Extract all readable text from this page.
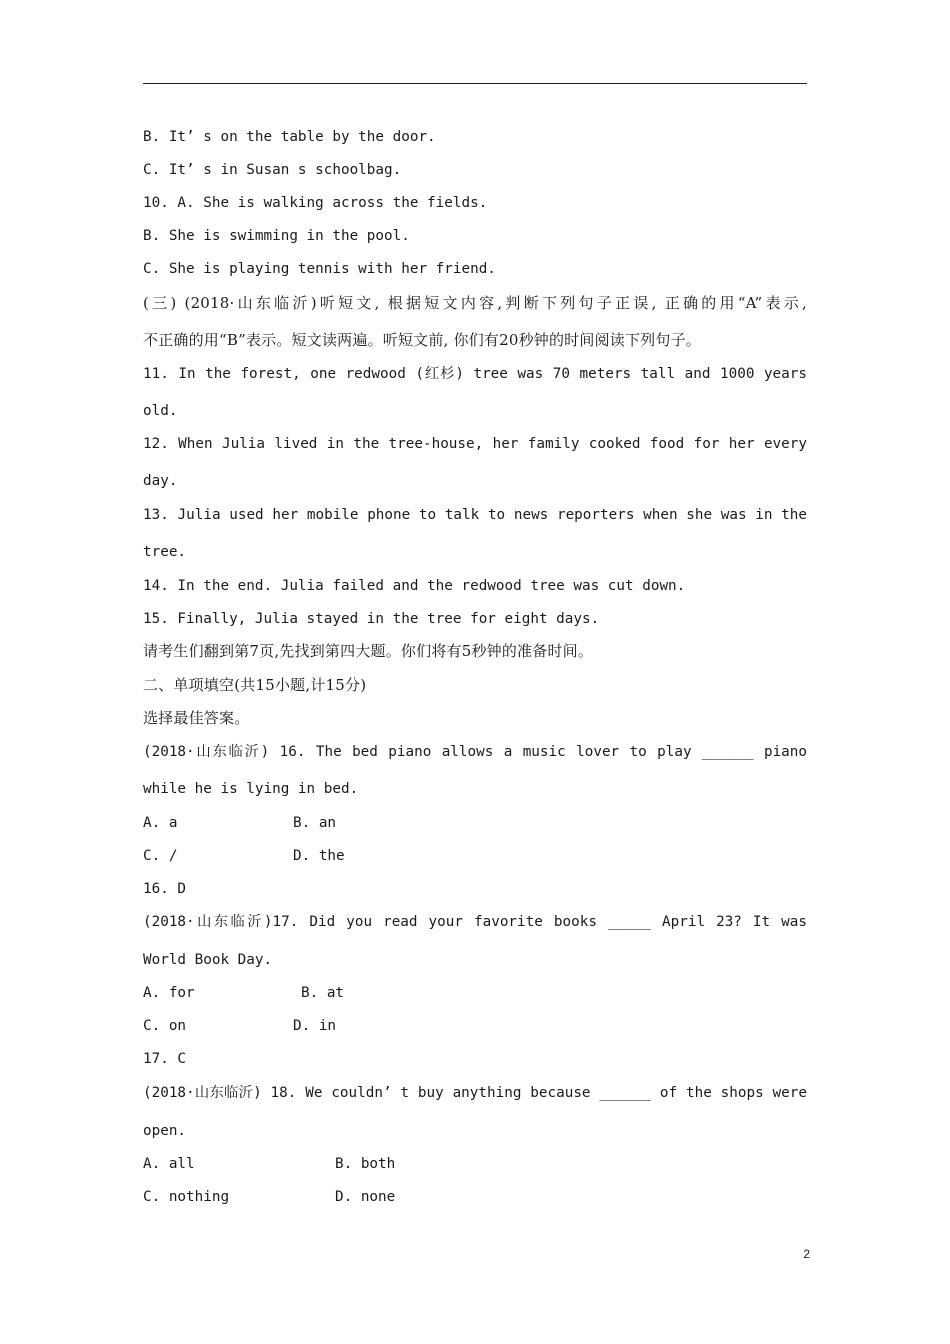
B. It’ s on the table by the door.
C. It’ s in Susan s schoolbag.
10. A. She is walking across the fields.
B. She is swimming in the pool.
C. She is playing tennis with her friend.
(三) (2018·山东临沂)听短文, 根据短文内容,判断下列句子正误, 正确的用“A”表示,
不正确的用“B”表示。短文读两遍。听短文前, 你们有20秒钟的时间阅读下列句子。
11. In the forest, one redwood (红杉) tree was 70 meters tall and 1000 years
old.
12. When Julia lived in the tree-house, her family cooked food for her every
day.
13. Julia used her mobile phone to talk to news reporters when she was in the
tree.
14. In the end. Julia failed and the redwood tree was cut down.
15. Finally, Julia stayed in the tree for eight days.
请考生们翻到第7页,先找到第四大题。你们将有5秒钟的准备时间。
二、单项填空(共15小题,计15分)
选择最佳答案。
(2018·山东临沂) 16. The bed piano allows a music lover to play ______ piano
while he is lying in bed.
A. a	B. an
C. /	D. the
16. D
(2018·山东临沂)17. Did you read your favorite books _____ April 23? It was
World Book Day.
A. for	B. at
C. on	D. in
17. C
(2018·山东临沂) 18. We couldn’ t buy anything because ______ of the shops were
open.
A. all	B. both
C. nothing	D. none
2
